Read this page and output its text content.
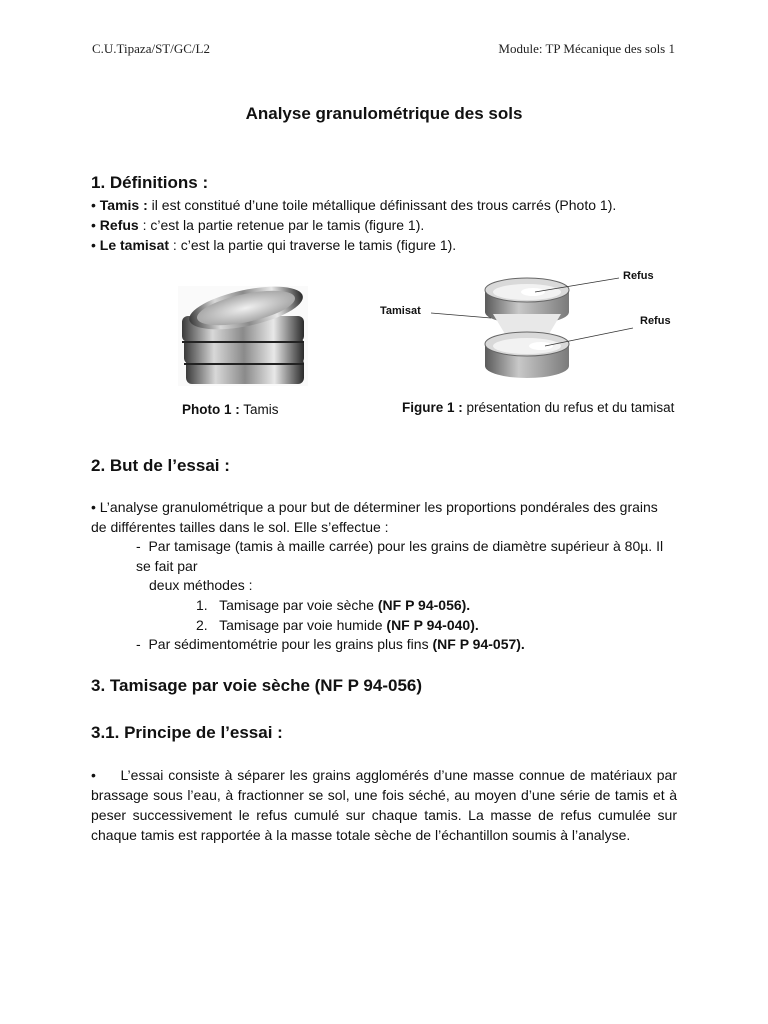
C.U.Tipaza/ST/GC/L2	Module: TP Mécanique des sols 1
Analyse granulométrique des sols
1. Définitions :
• Tamis : il est constitué d’une toile métallique définissant des trous carrés (Photo 1).
• Refus : c’est la partie retenue par le tamis (figure 1).
• Le tamisat : c’est la partie qui traverse le tamis (figure 1).
Photo 1 : Tamis
Refus
Tamisat
Refus
Figure 1 : présentation du refus et du tamisat
2. But de l’essai :
• L’analyse granulométrique a pour but de déterminer les proportions pondérales des grains
de différentes tailles dans le sol. Elle s’effectue :
-  Par tamisage (tamis à maille carrée) pour les grains de diamètre supérieur à 80µ. Il
se fait par
deux méthodes :
1.   Tamisage par voie sèche (NF P 94-056).
2.   Tamisage par voie humide (NF P 94-040).
-  Par sédimentométrie pour les grains plus fins (NF P 94-057).
3. Tamisage par voie sèche (NF P 94-056)
3.1. Principe de l’essai :
•     L’essai consiste à séparer les grains agglomérés d’une masse connue de matériaux par brassage sous l’eau, à fractionner se sol, une fois séché, au moyen d’une série de tamis et à peser successivement le refus cumulé sur chaque tamis. La masse de refus cumulée sur chaque tamis est rapportée à la masse totale sèche de l’échantillon soumis à l’analyse.
